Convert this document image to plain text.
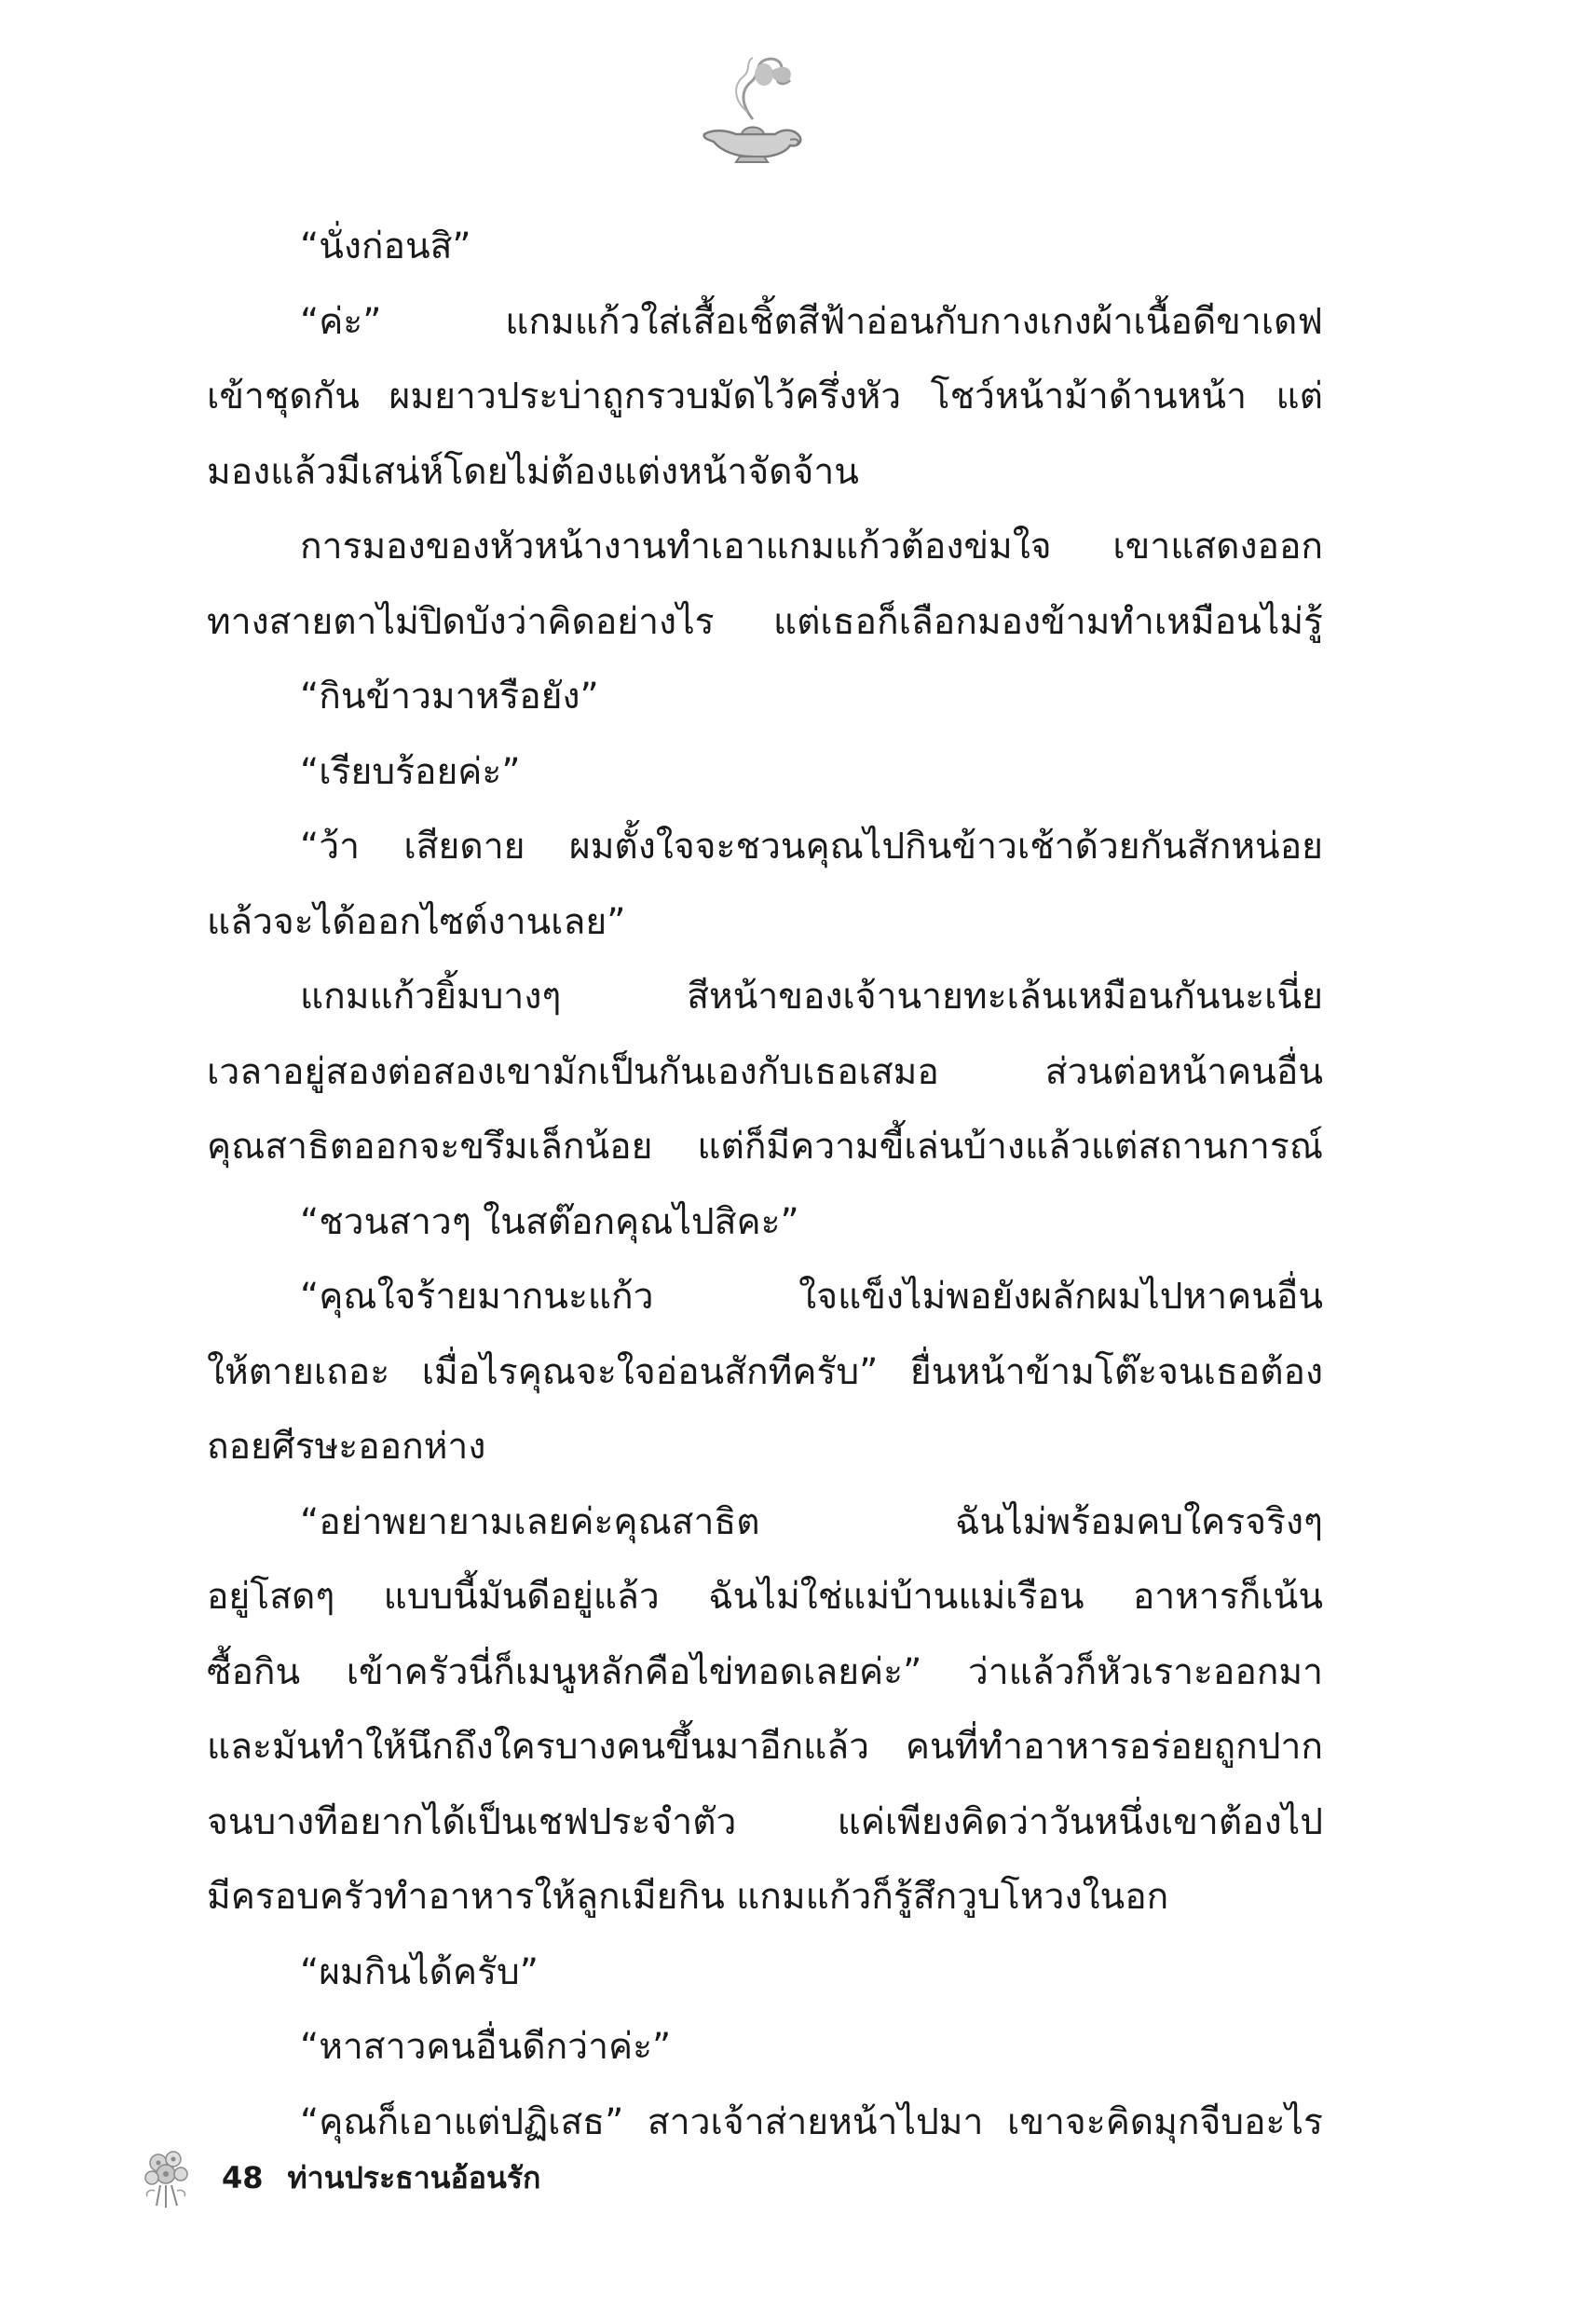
“นั่งก่อนสิ”
“ค่ะ” แกมแก้วใส่เสื้อเชิ้ตสีฟ้าอ่อนกับกางเกงผ้าเนื้อดีขาเดฟ
เข้าชุดกัน ผมยาวประบ่าถูกรวบมัดไว้ครึ่งหัว โชว์หน้าม้าด้านหน้า แต่
มองแล้วมีเสน่ห์โดยไม่ต้องแต่งหน้าจัดจ้าน
การมองของหัวหน้างานทำเอาแกมแก้วต้องข่มใจ เขาแสดงออก
ทางสายตาไม่ปิดบังว่าคิดอย่างไร แต่เธอก็เลือกมองข้ามทำเหมือนไม่รู้
“กินข้าวมาหรือยัง”
“เรียบร้อยค่ะ”
“ว้า เสียดาย ผมตั้งใจจะชวนคุณไปกินข้าวเช้าด้วยกันสักหน่อย
แล้วจะได้ออกไซต์งานเลย”
แกมแก้วยิ้มบางๆ สีหน้าของเจ้านายทะเล้นเหมือนกันนะเนี่ย
เวลาอยู่สองต่อสองเขามักเป็นกันเองกับเธอเสมอ ส่วนต่อหน้าคนอื่น
คุณสาธิตออกจะขรึมเล็กน้อย แต่ก็มีความขี้เล่นบ้างแล้วแต่สถานการณ์
“ชวนสาวๆ ในสต๊อกคุณไปสิคะ”
“คุณใจร้ายมากนะแก้ว ใจแข็งไม่พอยังผลักผมไปหาคนอื่น
ให้ตายเถอะ เมื่อไรคุณจะใจอ่อนสักทีครับ” ยื่นหน้าข้ามโต๊ะจนเธอต้อง
ถอยศีรษะออกห่าง
“อย่าพยายามเลยค่ะคุณสาธิต ฉันไม่พร้อมคบใครจริงๆ
อยู่โสดๆ แบบนี้มันดีอยู่แล้ว ฉันไม่ใช่แม่บ้านแม่เรือน อาหารก็เน้น
ซื้อกิน เข้าครัวนี่ก็เมนูหลักคือไข่ทอดเลยค่ะ” ว่าแล้วก็หัวเราะออกมา
และมันทำให้นึกถึงใครบางคนขึ้นมาอีกแล้ว คนที่ทำอาหารอร่อยถูกปาก
จนบางทีอยากได้เป็นเชฟประจำตัว แค่เพียงคิดว่าวันหนึ่งเขาต้องไป
มีครอบครัวทำอาหารให้ลูกเมียกิน แกมแก้วก็รู้สึกวูบโหวงในอก
“ผมกินได้ครับ”
“หาสาวคนอื่นดีกว่าค่ะ”
“คุณก็เอาแต่ปฏิเสธ” สาวเจ้าส่ายหน้าไปมา เขาจะคิดมุกจีบอะไร
48 ท่านประธานอ้อนรัก
